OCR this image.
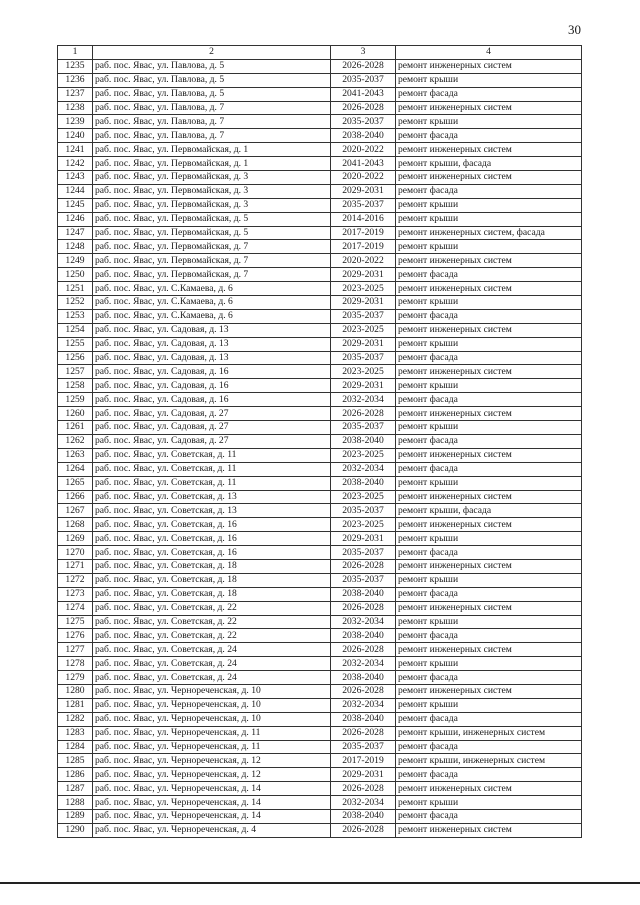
30
1	2	3	4
1235	раб. пос. Явас, ул. Павлова, д. 5	2026-2028	ремонт инженерных систем
1236	раб. пос. Явас, ул. Павлова, д. 5	2035-2037	ремонт крыши
1237	раб. пос. Явас, ул. Павлова, д. 5	2041-2043	ремонт фасада
1238	раб. пос. Явас, ул. Павлова, д. 7	2026-2028	ремонт инженерных систем
1239	раб. пос. Явас, ул. Павлова, д. 7	2035-2037	ремонт крыши
1240	раб. пос. Явас, ул. Павлова, д. 7	2038-2040	ремонт фасада
1241	раб. пос. Явас, ул. Первомайская, д. 1	2020-2022	ремонт инженерных систем
1242	раб. пос. Явас, ул. Первомайская, д. 1	2041-2043	ремонт крыши, фасада
1243	раб. пос. Явас, ул. Первомайская, д. 3	2020-2022	ремонт инженерных систем
1244	раб. пос. Явас, ул. Первомайская, д. 3	2029-2031	ремонт фасада
1245	раб. пос. Явас, ул. Первомайская, д. 3	2035-2037	ремонт крыши
1246	раб. пос. Явас, ул. Первомайская, д. 5	2014-2016	ремонт крыши
1247	раб. пос. Явас, ул. Первомайская, д. 5	2017-2019	ремонт инженерных систем, фасада
1248	раб. пос. Явас, ул. Первомайская, д. 7	2017-2019	ремонт крыши
1249	раб. пос. Явас, ул. Первомайская, д. 7	2020-2022	ремонт инженерных систем
1250	раб. пос. Явас, ул. Первомайская, д. 7	2029-2031	ремонт фасада
1251	раб. пос. Явас, ул. С.Камаева, д. 6	2023-2025	ремонт инженерных систем
1252	раб. пос. Явас, ул. С.Камаева, д. 6	2029-2031	ремонт крыши
1253	раб. пос. Явас, ул. С.Камаева, д. 6	2035-2037	ремонт фасада
1254	раб. пос. Явас, ул. Садовая, д. 13	2023-2025	ремонт инженерных систем
1255	раб. пос. Явас, ул. Садовая, д. 13	2029-2031	ремонт крыши
1256	раб. пос. Явас, ул. Садовая, д. 13	2035-2037	ремонт фасада
1257	раб. пос. Явас, ул. Садовая, д. 16	2023-2025	ремонт инженерных систем
1258	раб. пос. Явас, ул. Садовая, д. 16	2029-2031	ремонт крыши
1259	раб. пос. Явас, ул. Садовая, д. 16	2032-2034	ремонт фасада
1260	раб. пос. Явас, ул. Садовая, д. 27	2026-2028	ремонт инженерных систем
1261	раб. пос. Явас, ул. Садовая, д. 27	2035-2037	ремонт крыши
1262	раб. пос. Явас, ул. Садовая, д. 27	2038-2040	ремонт фасада
1263	раб. пос. Явас, ул. Советская, д. 11	2023-2025	ремонт инженерных систем
1264	раб. пос. Явас, ул. Советская, д. 11	2032-2034	ремонт фасада
1265	раб. пос. Явас, ул. Советская, д. 11	2038-2040	ремонт крыши
1266	раб. пос. Явас, ул. Советская, д. 13	2023-2025	ремонт инженерных систем
1267	раб. пос. Явас, ул. Советская, д. 13	2035-2037	ремонт крыши, фасада
1268	раб. пос. Явас, ул. Советская, д. 16	2023-2025	ремонт инженерных систем
1269	раб. пос. Явас, ул. Советская, д. 16	2029-2031	ремонт крыши
1270	раб. пос. Явас, ул. Советская, д. 16	2035-2037	ремонт фасада
1271	раб. пос. Явас, ул. Советская, д. 18	2026-2028	ремонт инженерных систем
1272	раб. пос. Явас, ул. Советская, д. 18	2035-2037	ремонт крыши
1273	раб. пос. Явас, ул. Советская, д. 18	2038-2040	ремонт фасада
1274	раб. пос. Явас, ул. Советская, д. 22	2026-2028	ремонт инженерных систем
1275	раб. пос. Явас, ул. Советская, д. 22	2032-2034	ремонт крыши
1276	раб. пос. Явас, ул. Советская, д. 22	2038-2040	ремонт фасада
1277	раб. пос. Явас, ул. Советская, д. 24	2026-2028	ремонт инженерных систем
1278	раб. пос. Явас, ул. Советская, д. 24	2032-2034	ремонт крыши
1279	раб. пос. Явас, ул. Советская, д. 24	2038-2040	ремонт фасада
1280	раб. пос. Явас, ул. Чернореченская, д. 10	2026-2028	ремонт инженерных систем
1281	раб. пос. Явас, ул. Чернореченская, д. 10	2032-2034	ремонт крыши
1282	раб. пос. Явас, ул. Чернореченская, д. 10	2038-2040	ремонт фасада
1283	раб. пос. Явас, ул. Чернореченская, д. 11	2026-2028	ремонт крыши, инженерных систем
1284	раб. пос. Явас, ул. Чернореченская, д. 11	2035-2037	ремонт фасада
1285	раб. пос. Явас, ул. Чернореченская, д. 12	2017-2019	ремонт крыши, инженерных систем
1286	раб. пос. Явас, ул. Чернореченская, д. 12	2029-2031	ремонт фасада
1287	раб. пос. Явас, ул. Чернореченская, д. 14	2026-2028	ремонт инженерных систем
1288	раб. пос. Явас, ул. Чернореченская, д. 14	2032-2034	ремонт крыши
1289	раб. пос. Явас, ул. Чернореченская, д. 14	2038-2040	ремонт фасада
1290	раб. пос. Явас, ул. Чернореченская, д. 4	2026-2028	ремонт инженерных систем
